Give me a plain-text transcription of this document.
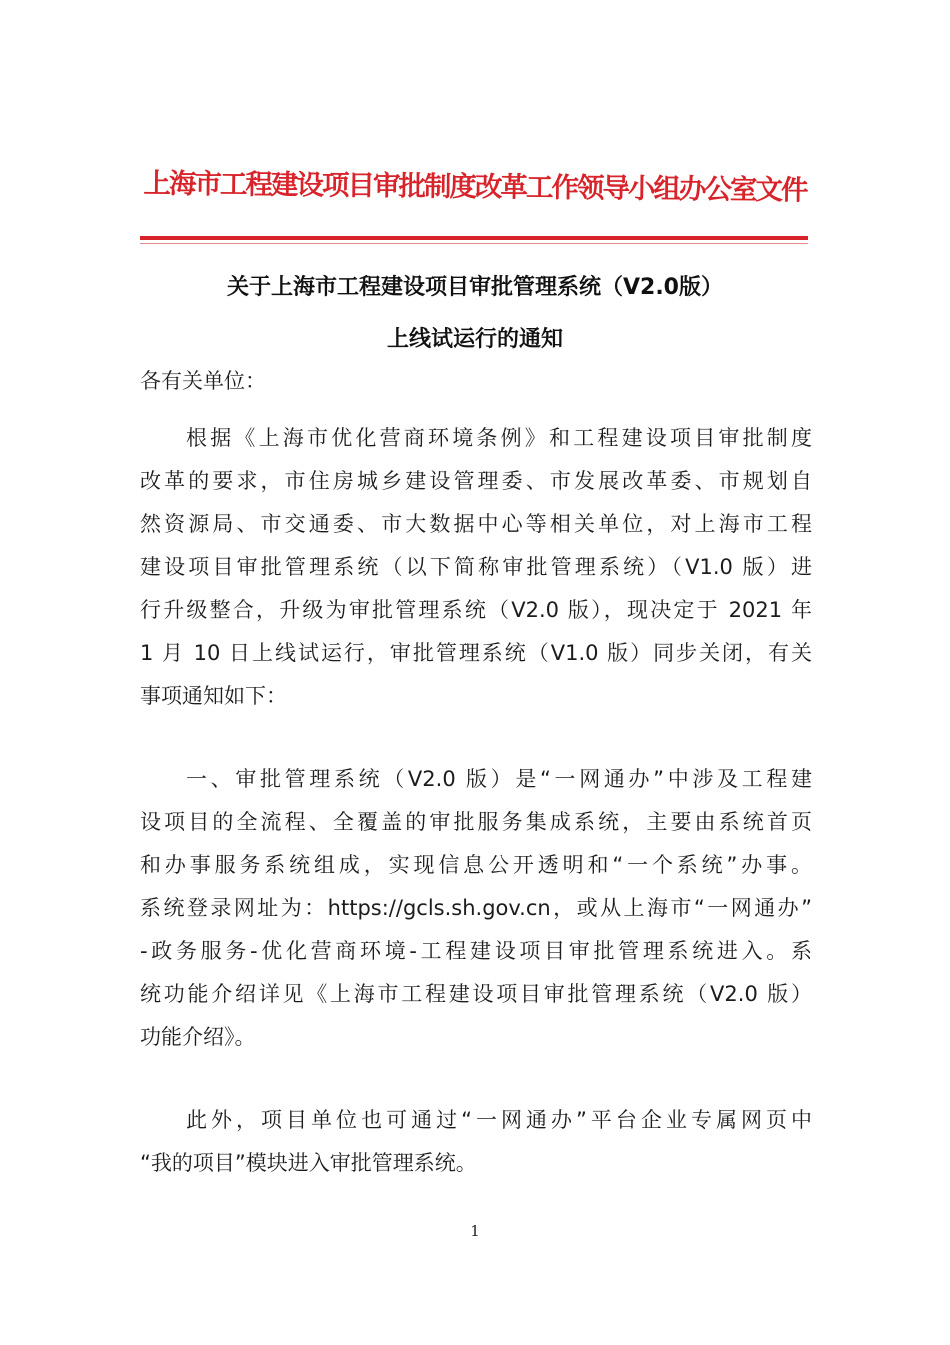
上海市工程建设项目审批制度改革工作领导小组办公室文件
关于上海市工程建设项目审批管理系统（V2.0版）
上线试运行的通知
各有关单位：
根据《上海市优化营商环境条例》和工程建设项目审批制度
改革的要求，市住房城乡建设管理委、市发展改革委、市规划自
然资源局、市交通委、市大数据中心等相关单位，对上海市工程
建设项目审批管理系统（以下简称审批管理系统）（V1.0 版）进
行升级整合，升级为审批管理系统（V2.0 版），现决定于 2021 年
1 月 10 日上线试运行，审批管理系统（V1.0 版）同步关闭，有关
事项通知如下：
一、审批管理系统（V2.0 版）是“一网通办”中涉及工程建
设项目的全流程、全覆盖的审批服务集成系统，主要由系统首页
和办事服务系统组成，实现信息公开透明和“一个系统”办事。
系统登录网址为：https://gcls.sh.gov.cn，或从上海市“一网通办”
-政务服务-优化营商环境-工程建设项目审批管理系统进入。系
统功能介绍详见《上海市工程建设项目审批管理系统（V2.0 版）
功能介绍》。
此外，项目单位也可通过“一网通办”平台企业专属网页中
“我的项目”模块进入审批管理系统。
1
